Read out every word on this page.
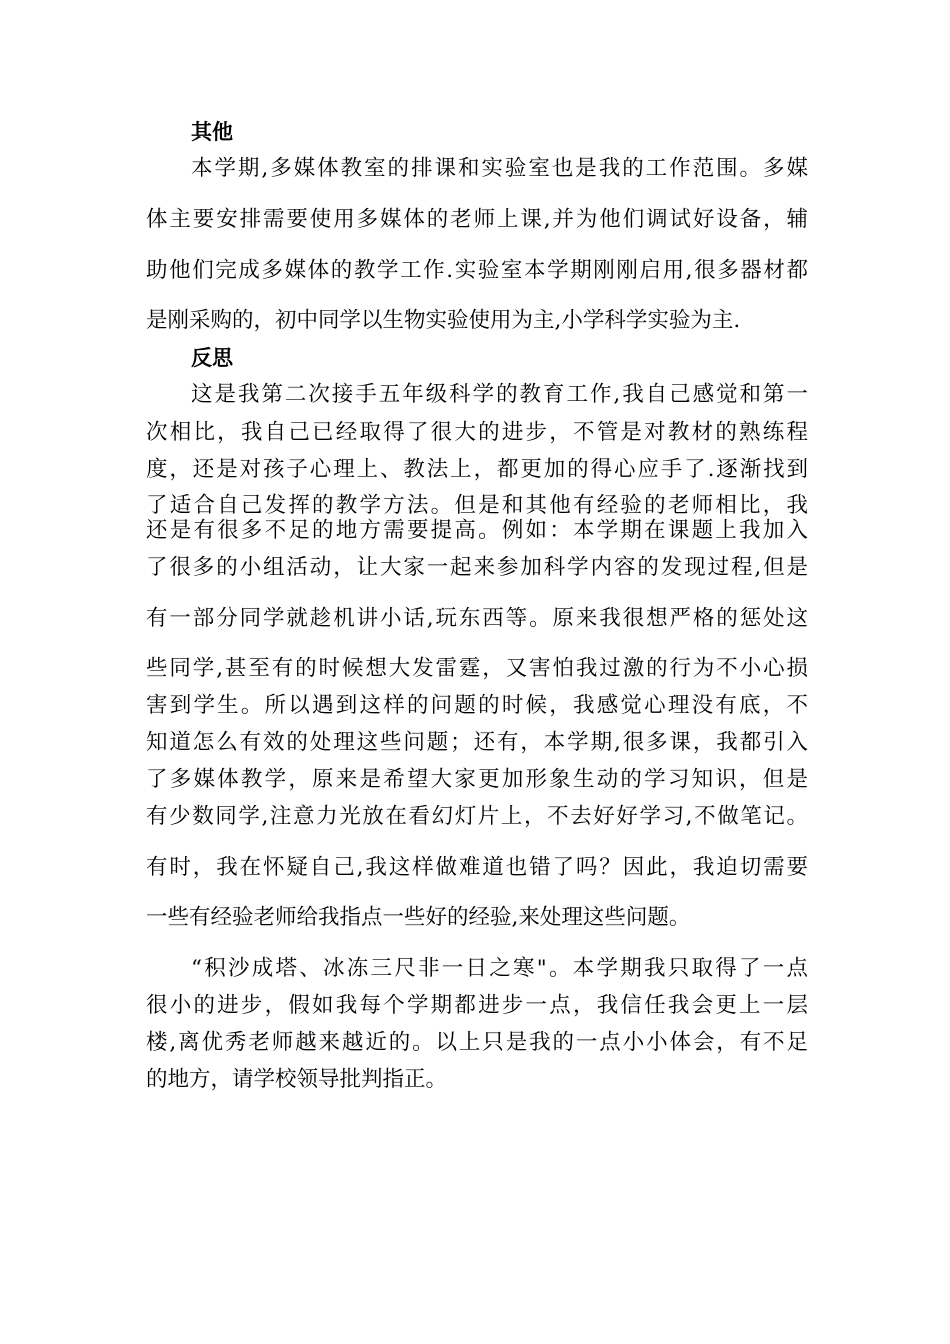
其他
本学期,多媒体教室的排课和实验室也是我的工作范围。多媒
体主要安排需要使用多媒体的老师上课,并为他们调试好设备，辅
助他们完成多媒体的教学工作.实验室本学期刚刚启用,很多器材都
是刚采购的，初中同学以生物实验使用为主,小学科学实验为主.
反思
这是我第二次接手五年级科学的教育工作,我自己感觉和第一
次相比，我自己已经取得了很大的进步，不管是对教材的熟练程
度，还是对孩子心理上、教法上，都更加的得心应手了.逐渐找到
了适合自己发挥的教学方法。但是和其他有经验的老师相比，我
还是有很多不足的地方需要提高。例如：本学期在课题上我加入
了很多的小组活动，让大家一起来参加科学内容的发现过程,但是
有一部分同学就趁机讲小话,玩东西等。原来我很想严格的惩处这
些同学,甚至有的时候想大发雷霆，又害怕我过激的行为不小心损
害到学生。所以遇到这样的问题的时候，我感觉心理没有底，不
知道怎么有效的处理这些问题；还有，本学期,很多课，我都引入
了多媒体教学，原来是希望大家更加形象生动的学习知识，但是
有少数同学,注意力光放在看幻灯片上，不去好好学习,不做笔记。
有时，我在怀疑自己,我这样做难道也错了吗？因此，我迫切需要
一些有经验老师给我指点一些好的经验,来处理这些问题。
“积沙成塔、冰冻三尺非一日之寒"。本学期我只取得了一点
很小的进步，假如我每个学期都进步一点，我信任我会更上一层
楼,离优秀老师越来越近的。以上只是我的一点小小体会，有不足
的地方，请学校领导批判指正。
